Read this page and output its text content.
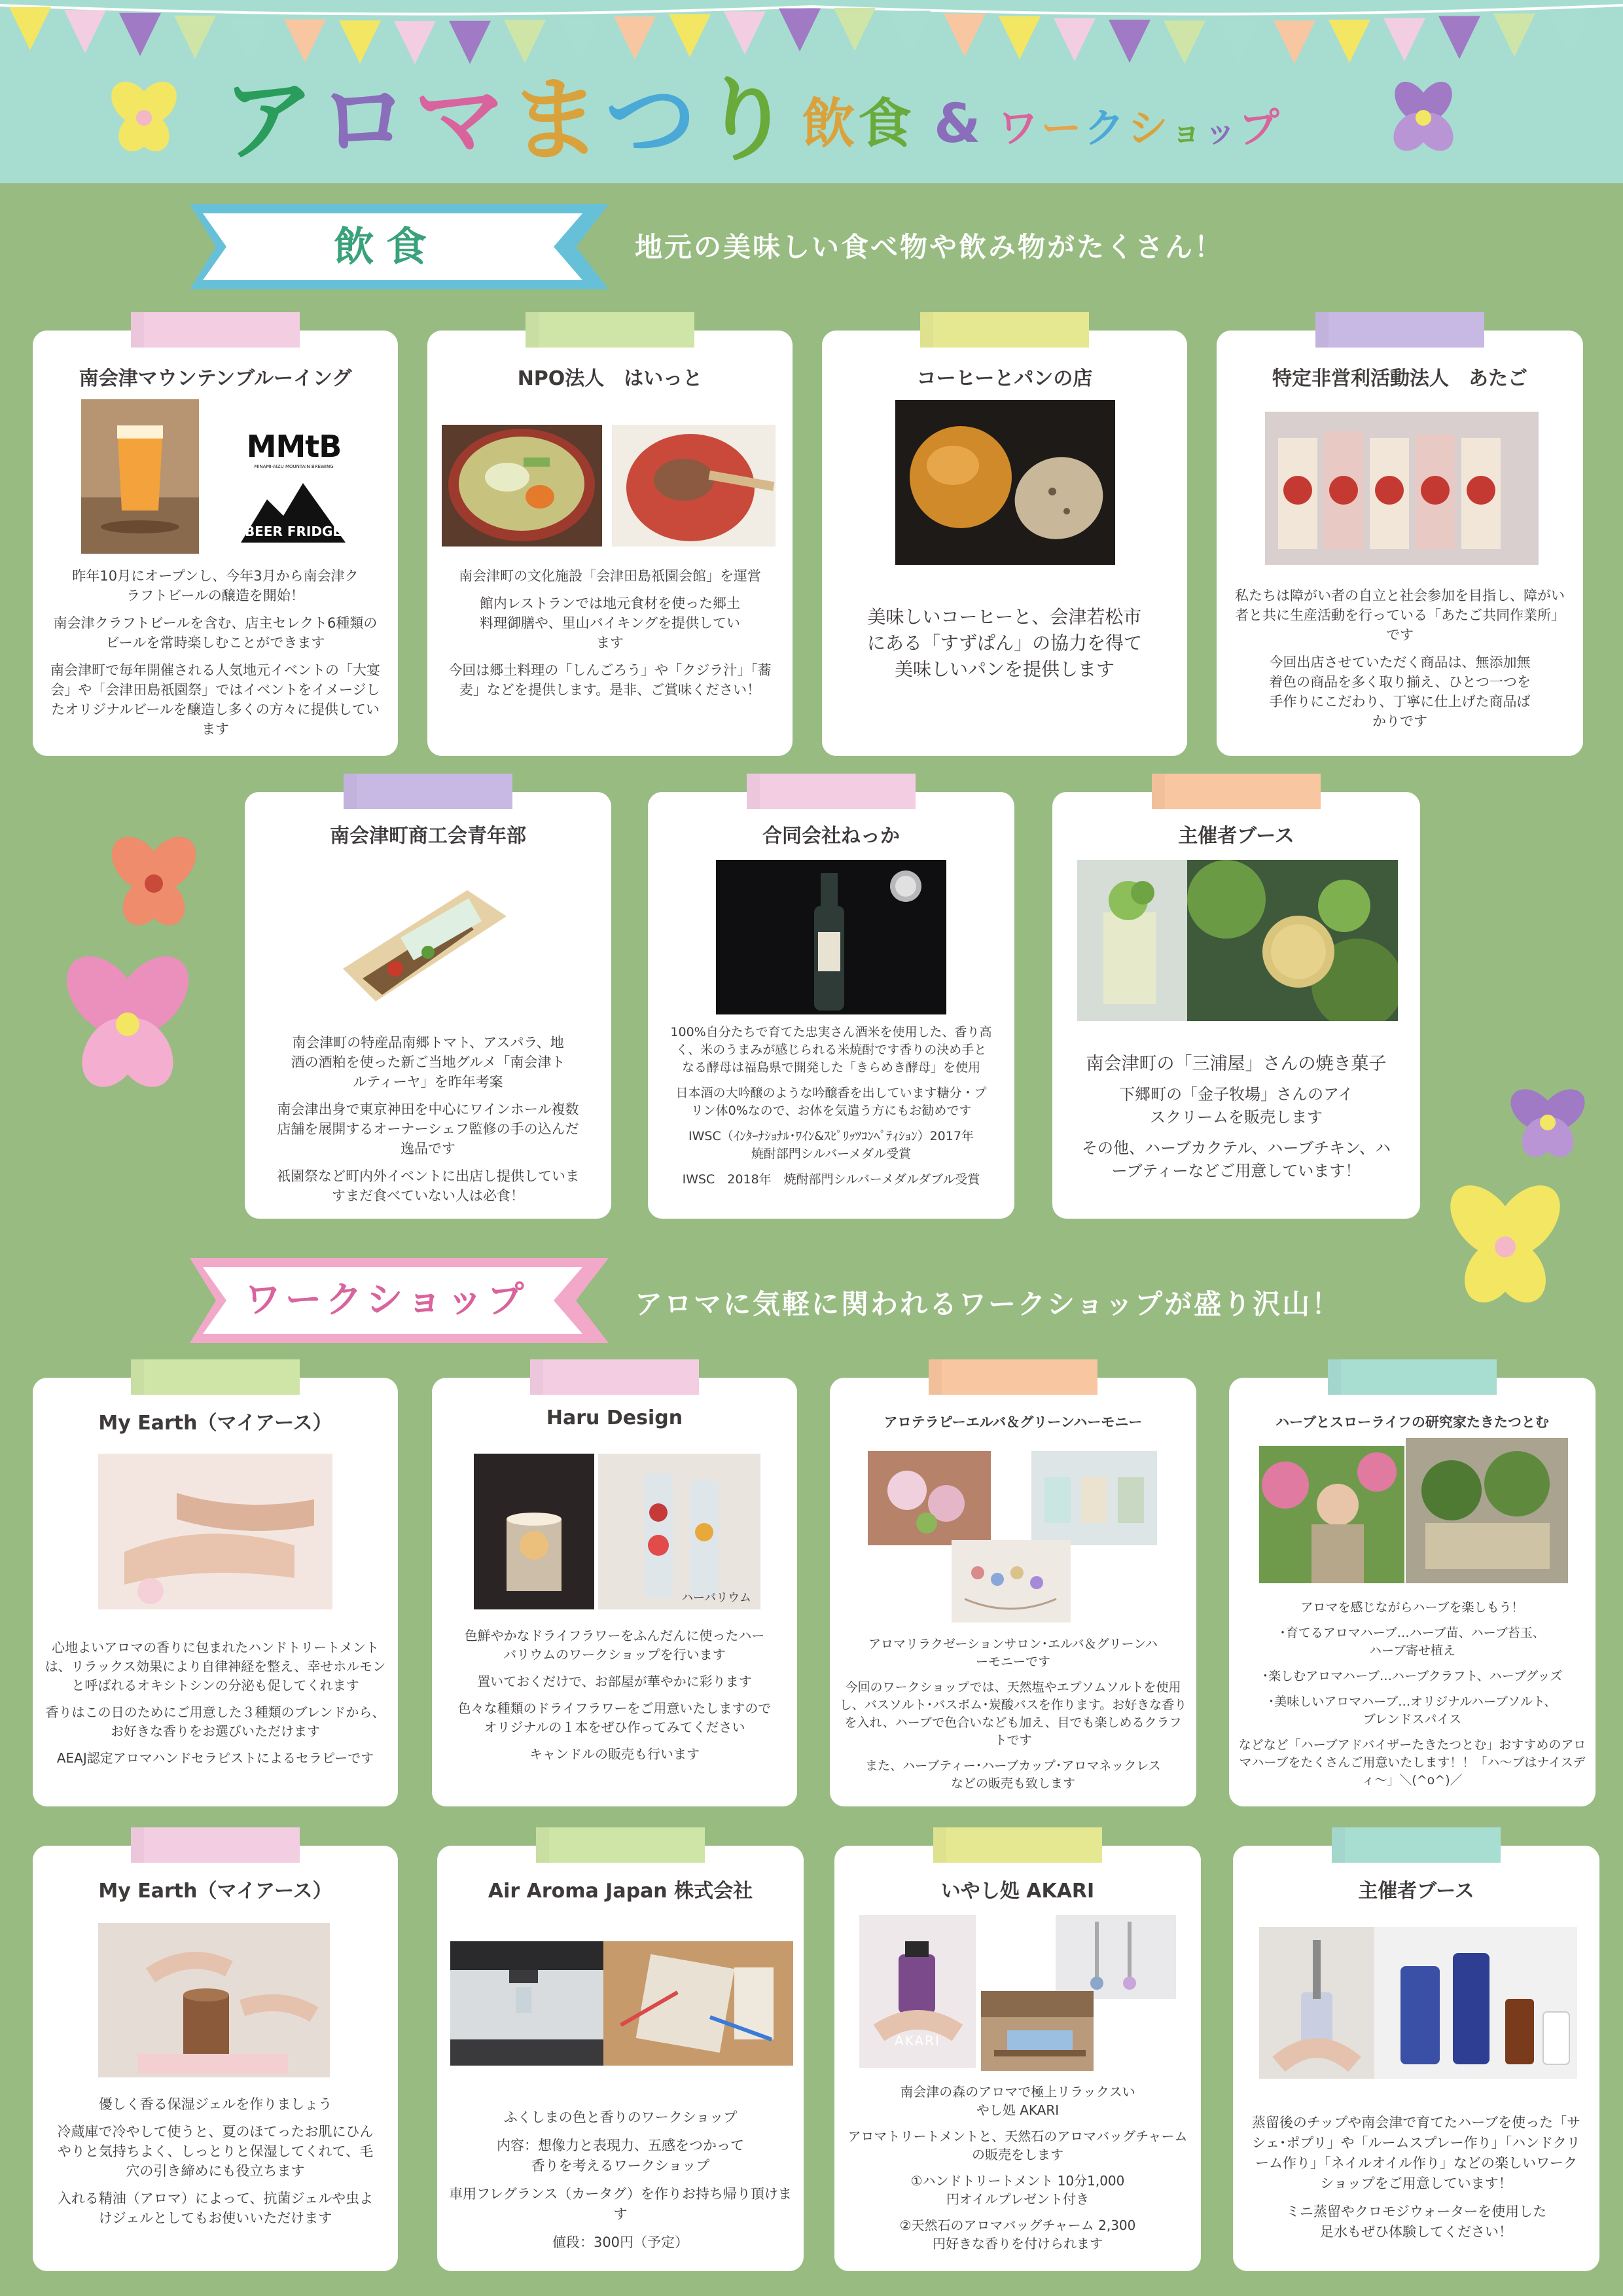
アロマまつり 飲食 & ワークショップ
飲食	地元の美味しい食べ物や飲み物がたくさん！
南会津マウンテンブルーイング
MMtB
MINAMI-AIZU MOUNTAIN BREWING
BEER FRIDGE

昨年10月にオープンし、今年3月から南会津クラフトビールの醸造を開始！

南会津クラフトビールを含む、店主セレクト6種類のビールを常時楽しむことができます

南会津町で毎年開催される人気地元イベントの「大宴会」や「会津田島祇園祭」ではイベントをイメージしたオリジナルビールを醸造し多くの方々に提供しています

NPO法人　はいっと

南会津町の文化施設「会津田島祇園会館」を運営

館内レストランでは地元食材を使った郷土料理御膳や、里山バイキングを提供しています

今回は郷土料理の「しんごろう」や「クジラ汁」「蕎麦」などを提供します。是非、ご賞味ください！

コーヒーとパンの店

美味しいコーヒーと、会津若松市にある「すずぱん」の協力を得て美味しいパンを提供します

特定非営利活動法人　あたご

私たちは障がい者の自立と社会参加を目指し、障がい者と共に生産活動を行っている「あたご共同作業所」です

今回出店させていただく商品は、無添加無着色の商品を多く取り揃え、ひとつ一つを手作りにこだわり、丁寧に仕上げた商品ばかりです

南会津町商工会青年部

南会津町の特産品南郷トマト、アスパラ、地酒の酒粕を使った新ご当地グルメ「南会津トルティーヤ」を昨年考案

南会津出身で東京神田を中心にワインホール複数店舗を展開するオーナーシェフ監修の手の込んだ逸品です

祇園祭など町内外イベントに出店し提供していますまだ食べていない人は必食！

合同会社ねっか

100%自分たちで育てた忠実さん酒米を使用した、香り高く、米のうまみが感じられる米焼酎です香りの決め手となる酵母は福島県で開発した「きらめき酵母」を使用

日本酒の大吟醸のような吟醸香を出しています糖分・プリン体0%なので、お体を気遣う方にもお勧めです

IWSC（ｲﾝﾀｰﾅｼｮﾅﾙ･ﾜｲﾝ&ｽﾋﾟﾘｯﾂｺﾝﾍﾟﾃｨｼｮﾝ）2017年焼酎部門シルバーメダル受賞

IWSC　2018年　焼酎部門シルバーメダルダブル受賞

主催者ブース

南会津町の「三浦屋」さんの焼き菓子

下郷町の「金子牧場」さんのアイスクリームを販売します

その他、ハーブカクテル、ハーブチキン、ハーブティーなどご用意しています！

ワークショップ	アロマに気軽に関われるワークショップが盛り沢山！
My Earth（マイアース）

心地よいアロマの香りに包まれたハンドトリートメントは、リラックス効果により自律神経を整え、幸せホルモンと呼ばれるオキシトシンの分泌も促してくれます

香りはこの日のためにご用意した３種類のブレンドから、お好きな香りをお選びいただけます

AEAJ認定アロマハンドセラピストによるセラピーです

Haru Design
ハーバリウム

色鮮やかなドライフラワーをふんだんに使ったハーバリウムのワークショップを行います

置いておくだけで、お部屋が華やかに彩ります

色々な種類のドライフラワーをご用意いたしますのでオリジナルの１本をぜひ作ってみてください

キャンドルの販売も行います

アロテラピーエルバ＆グリーンハーモニー

アロマリラクゼーションサロン･エルバ＆グリーンハーモニーです

今回のワークショップでは、天然塩やエプソムソルトを使用し、バスソルト･バスボム･炭酸バスを作ります。お好きな香りを入れ、ハーブで色合いなども加え、目でも楽しめるクラフトです

また、ハーブティー･ハーブカップ･アロマネックレスなどの販売も致します

ハーブとスローライフの研究家たきたつとむ

アロマを感じながらハーブを楽しもう！

･育てるアロマハーブ…ハーブ苗、ハーブ苔玉、ハーブ寄せ植え

･楽しむアロマハーブ…ハーブクラフト、ハーブグッズ

･美味しいアロマハーブ…オリジナルハーブソルト、ブレンドスパイス

などなど「ハーブアドバイザーたきたつとむ」おすすめのアロマハーブをたくさんご用意いたします！！「ハ～ブはナイスディ～」＼(^o^)／

My Earth（マイアース）

優しく香る保湿ジェルを作りましょう

冷蔵庫で冷やして使うと、夏のほてったお肌にひんやりと気持ちよく、しっとりと保湿してくれて、毛穴の引き締めにも役立ちます

入れる精油（アロマ）によって、抗菌ジェルや虫よけジェルとしてもお使いいただけます

Air Aroma Japan 株式会社

ふくしまの色と香りのワークショップ

内容：想像力と表現力、五感をつかって香りを考えるワークショップ

車用フレグランス（カータグ）を作りお持ち帰り頂けます

値段：300円（予定）

いやし処 AKARI
AKARI

南会津の森のアロマで極上リラックスいやし処 AKARI

アロマトリートメントと、天然石のアロマバッグチャームの販売をします

①ハンドトリートメント 10分1,000円オイルプレゼント付き

②天然石のアロマバッグチャーム 2,300円好きな香りを付けられます

主催者ブース

蒸留後のチップや南会津で育てたハーブを使った「サシェ･ポプリ」や「ルームスプレー作り」「ハンドクリーム作り」「ネイルオイル作り」などの楽しいワークショップをご用意しています！

ミニ蒸留やクロモジウォーターを使用した足水もぜひ体験してください！
